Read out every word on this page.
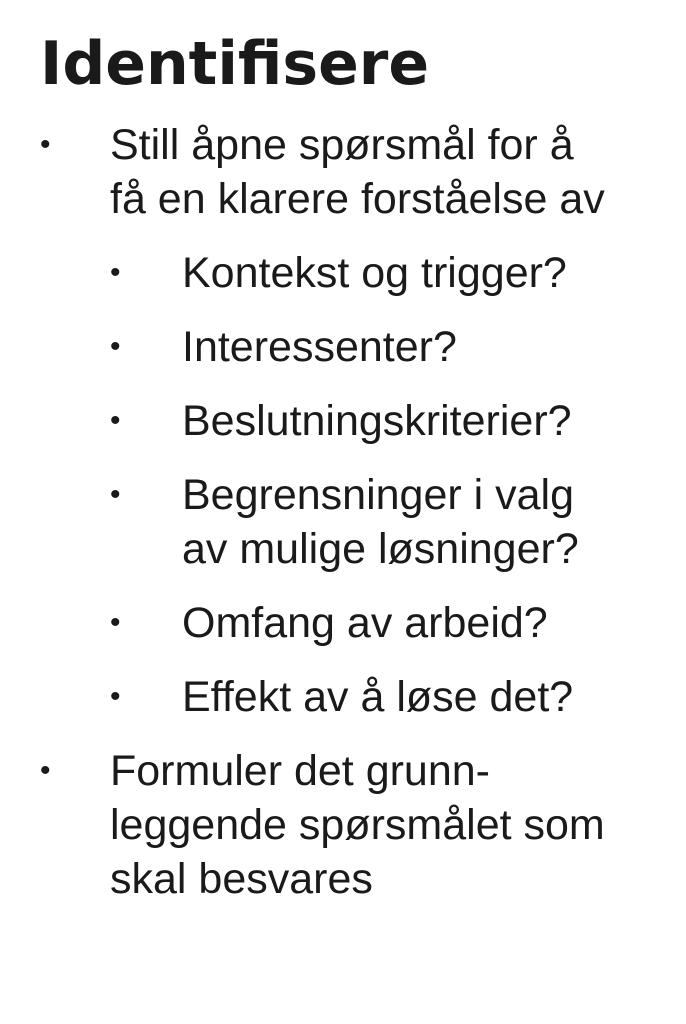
Identifisere
• Still åpne spørsmål for å
få en klarere forståelse av
• Kontekst og trigger?
• Interessenter?
• Beslutningskriterier?
• Begrensninger i valg
av mulige løsninger?
• Omfang av arbeid?
• Effekt av å løse det?
• Formuler det grunn-
leggende spørsmålet som
skal besvares
